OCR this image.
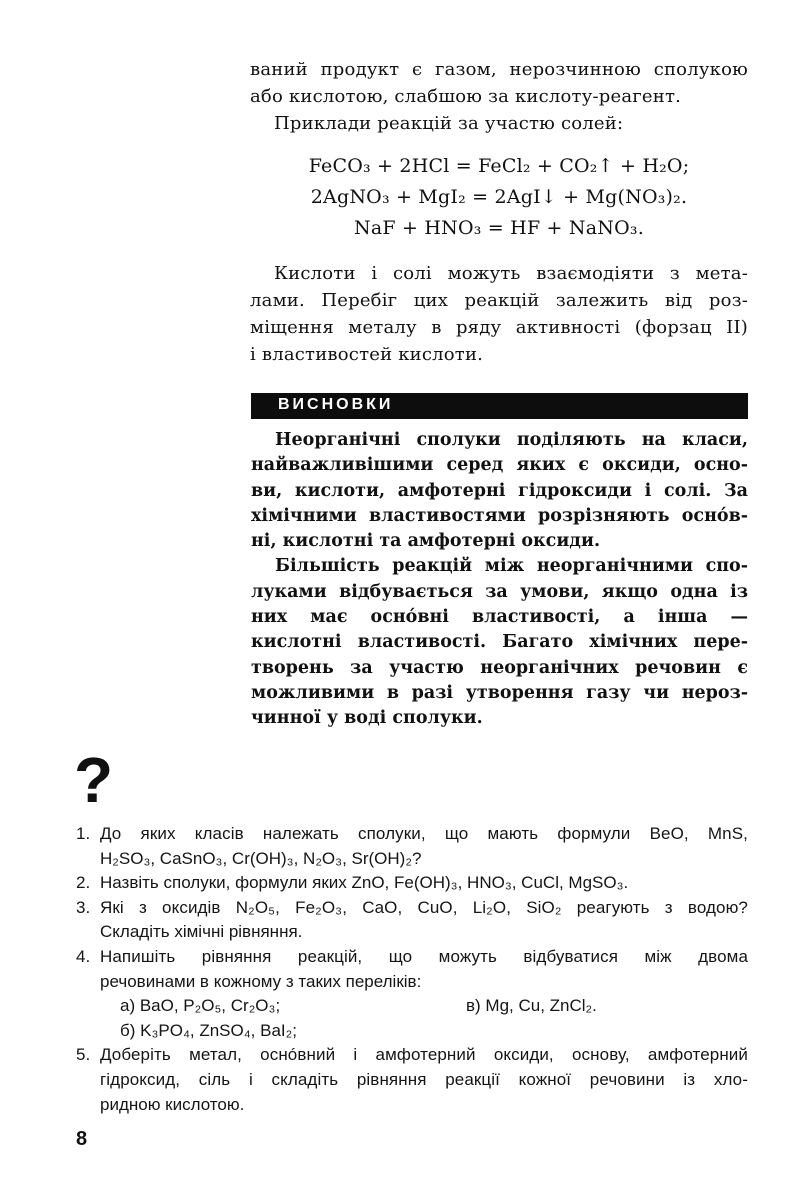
ваний продукт є газом, нерозчинною сполукою
або кислотою, слабшою за кислоту-реагент.
Приклади реакцій за участю солей:

FeCO₃ + 2HCl = FeCl₂ + CO₂↑ + H₂O;
2AgNO₃ + MgI₂ = 2AgI↓ + Mg(NO₃)₂.
NaF + HNO₃ = HF + NaNO₃.

Кислоти і солі можуть взаємодіяти з мета-
лами. Перебіг цих реакцій залежить від роз-
міщення металу в ряду активності (форзац II)
і властивостей кислоти.

ВИСНОВКИ

Неорганічні сполуки поділяють на класи,
найважливішими серед яких є оксиди, осно-
ви, кислоти, амфотерні гідроксиди і солі. За
хімічними властивостями розрізняють оснóв-
ні, кислотні та амфотерні оксиди.

Більшість реакцій між неорганічними спо-
луками відбувається за умови, якщо одна із
них має оснóвні властивості, а інша —
кислотні властивості. Багато хімічних пере-
творень за участю неорганічних речовин є
можливими в разі утворення газу чи нероз-
чинної у воді сполуки.

?
1. До яких класів належать сполуки, що мають формули BeO, MnS,
H₂SO₃, CaSnO₃, Cr(OH)₃, N₂O₃, Sr(OH)₂?
2. Назвіть сполуки, формули яких ZnO, Fe(OH)₃, HNO₃, CuCl, MgSO₃.
3. Які з оксидів N₂O₅, Fe₂O₃, CaO, CuO, Li₂O, SiO₂ реагують з водою?
Складіть хімічні рівняння.
4. Напишіть рівняння реакцій, що можуть відбуватися між двома
речовинами в кожному з таких переліків:
а) BaO, P₂O₅, Cr₂O₃;	в) Mg, Cu, ZnCl₂.
б) K₃PO₄, ZnSO₄, BaI₂;
5. Доберіть метал, оснóвний і амфотерний оксиди, основу, амфотерний
гідроксид, сіль і складіть рівняння реакції кожної речовини із хло-
ридною кислотою.
8
